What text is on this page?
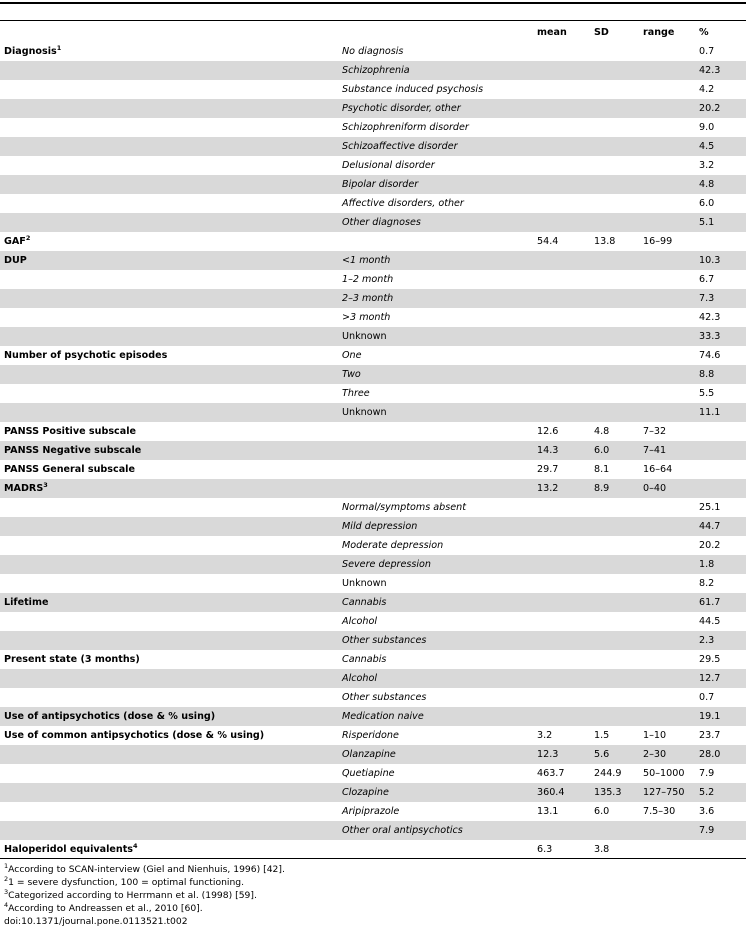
		mean	SD	range	%
Diagnosis$^1$	No diagnosis				0.7
	Schizophrenia				42.3
	Substance induced psychosis				4.2
	Psychotic disorder, other				20.2
	Schizophreniform disorder				9.0
	Schizoaffective disorder				4.5
	Delusional disorder				3.2
	Bipolar disorder				4.8
	Affective disorders, other				6.0
	Other diagnoses				5.1
GAF$^2$		54.4	13.8	16–99	
DUP	<1 month				10.3
	1–2 month				6.7
	2–3 month				7.3
	>3 month				42.3
	Unknown				33.3
Number of psychotic episodes	One				74.6
	Two				8.8
	Three				5.5
	Unknown				11.1
PANSS Positive subscale		12.6	4.8	7–32	
PANSS Negative subscale		14.3	6.0	7–41	
PANSS General subscale		29.7	8.1	16–64	
MADRS$^3$		13.2	8.9	0–40	
	Normal/symptoms absent				25.1
	Mild depression				44.7
	Moderate depression				20.2
	Severe depression				1.8
	Unknown				8.2
Lifetime	Cannabis				61.7
	Alcohol				44.5
	Other substances				2.3
Present state (3 months)	Cannabis				29.5
	Alcohol				12.7
	Other substances				0.7
Use of antipsychotics (dose & % using)	Medication naive				19.1
Use of common antipsychotics (dose & % using)	Risperidone	3.2	1.5	1–10	23.7
	Olanzapine	12.3	5.6	2–30	28.0
	Quetiapine	463.7	244.9	50–1000	7.9
	Clozapine	360.4	135.3	127–750	5.2
	Aripiprazole	13.1	6.0	7.5–30	3.6
	Other oral antipsychotics				7.9
Haloperidol equivalents$^4$		6.3	3.8		
$^1$According to SCAN-interview (Giel and Nienhuis, 1996) [42].
$^2$1 = severe dysfunction, 100 = optimal functioning.
$^3$Categorized according to Herrmann et al. (1998) [59].
$^4$According to Andreassen et al., 2010 [60].
doi:10.1371/journal.pone.0113521.t002
